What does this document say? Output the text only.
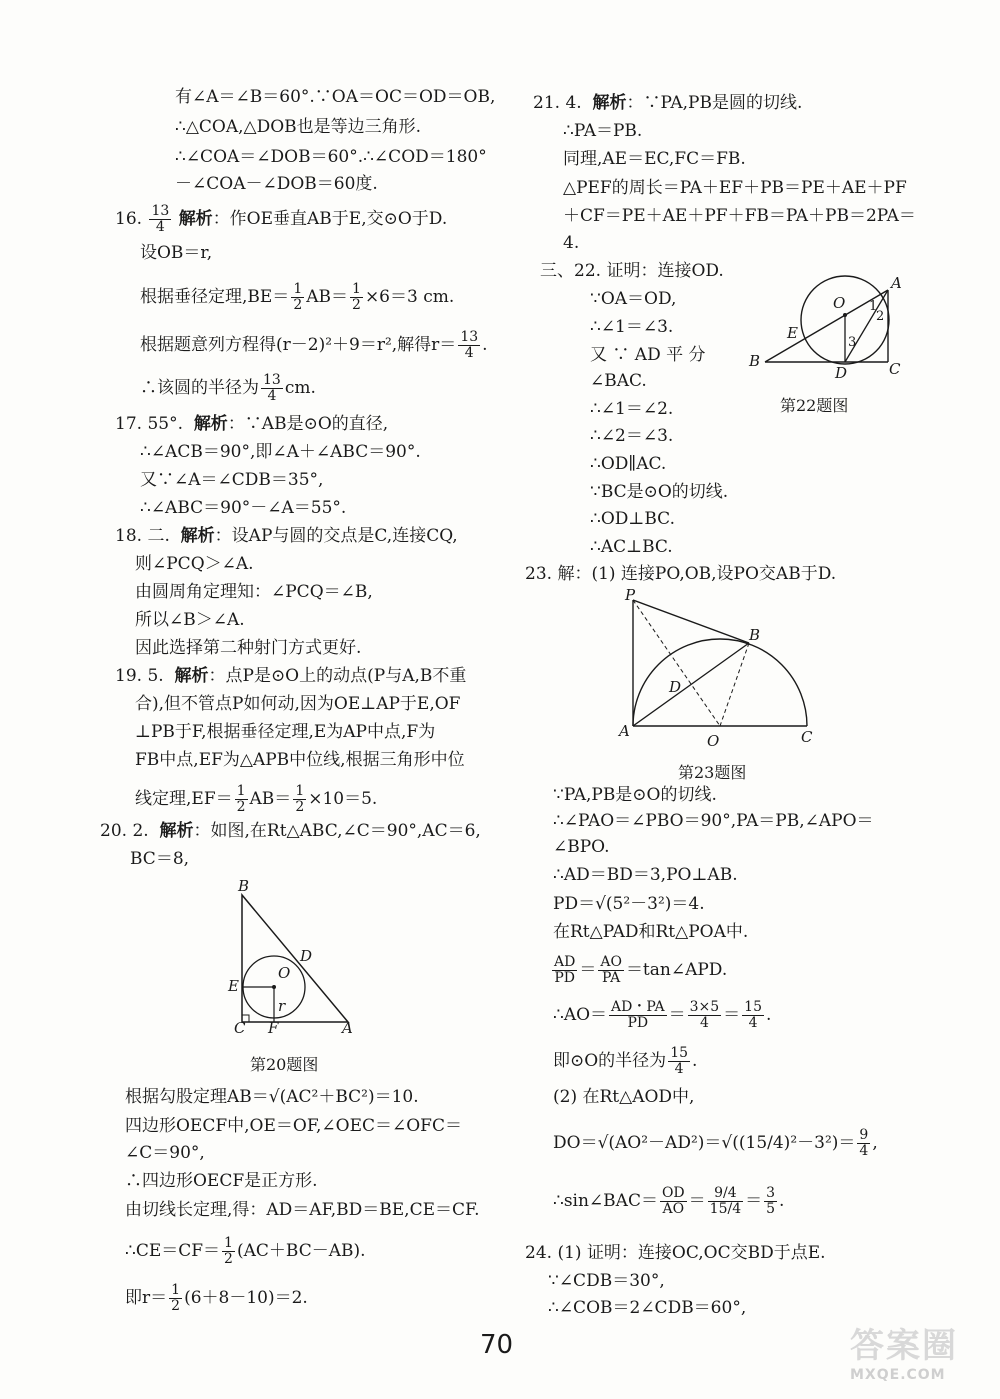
有∠A＝∠B＝60°.∵OA＝OC＝OD＝OB,
∴△COA,△DOB也是等边三角形.
∴∠COA＝∠DOB＝60°.∴∠COD＝180°
－∠COA－∠DOB＝60度.
16. $\frac{13}{4}$ 解析：作OE垂直AB于E,交⊙O于D.
设OB＝r,
根据垂径定理$,BE= \frac{1}{2} AB= \frac{1}{2} \times 6=3$ cm.
根据题意列方程得(r－2)²＋9＝r²,解得$r= \frac{13}{4}$ .
∴该圆的半径为 $\frac{13}{4}$ cm.
17. 55°. 解析：∵AB是⊙O的直径,
∴∠ACB＝90°,即∠A＋∠ABC＝90°.
又∵∠A＝∠CDB＝35°,
∴∠ABC＝90°－∠A＝55°.
18. 二. 解析：设AP与圆的交点是C,连接CQ,
则∠PCQ＞∠A.
由圆周角定理知：∠PCQ＝∠B,
所以∠B＞∠A.
因此选择第二种射门方式更好.
19. 5. 解析：点P是⊙O上的动点(P与A,B不重
合),但不管点P如何动,因为OE⊥AP于E,OF
⊥PB于F,根据垂径定理,E为AP中点,F为
FB中点,EF为△APB中位线,根据三角形中位
线定理$,EF= \frac{1}{2} AB= \frac{1}{2} \times 10=5$.
20. 2. 解析：如图,在Rt△ABC,∠C＝90°,AC＝6,
BC＝8,
B
D
O
E
r
C F	A
第20题图
根据勾股定理AB＝√(AC²＋BC²)＝10.
四边形OECF中,OE＝OF,∠OEC＝∠OFC＝
∠C＝90°,
∴四边形OECF是正方形.
由切线长定理,得：AD＝AF,BD＝BE,CE＝CF.
∴CE＝CF＝ $\frac{1}{2} (AC+BC-AB)$.
即$r= \frac{1}{2} (6+8-10)=2$.
21. 4. 解析：∵PA,PB是圆的切线.
∴PA＝PB.
同理,AE＝EC,FC＝FB.
△PEF的周长＝PA＋EF＋PB＝PE＋AE＋PF
＋CF＝PE＋AE＋PF＋FB＝PA＋PB＝2PA＝
4.
三、22. 证明：连接OD.
∵OA＝OD,
∴∠1＝∠3.
又 ∵ AD 平 分
∠BAC.
∴∠1＝∠2.
∴∠2＝∠3.
∴OD∥AC.
∵BC是⊙O的切线.
∴OD⊥BC.
∴AC⊥BC.
O
A
1
2
3
E
B
D	C
第22题图
23. 解：(1) 连接PO,OB,设PO交AB于D.
P
B
D
A
O	C
第23题图
∵PA,PB是⊙O的切线.
∴∠PAO＝∠PBO＝90°,PA＝PB,∠APO＝
∠BPO.
∴AD＝BD＝3,PO⊥AB.
PD＝√(5²－3²)＝4.
在Rt△PAD和Rt△POA中.
$\frac{AD}{PD} = \frac{AO}{PA}$ ＝tan∠APD.
∴AO＝ $\frac{AD・PA}{PD} = \frac{3\times 5}{4} = \frac{15}{4}$ .
即⊙O的半径为 $\frac{15}{4}$ .
(2) 在Rt△AOD中,
$DO=√(AO^2-AD^2)=√((15/4)^2-3^2)= \frac{9}{4}$ ,
∴sin∠BAC＝ $\frac{OD}{AO} = \frac{9/4}{15/4} = \frac{3}{5}$ .
24. (1) 证明：连接OC,OC交BD于点E.
∵∠CDB＝30°,
∴∠COB＝2∠CDB＝60°,
70	答案圈
MXQE.COM
